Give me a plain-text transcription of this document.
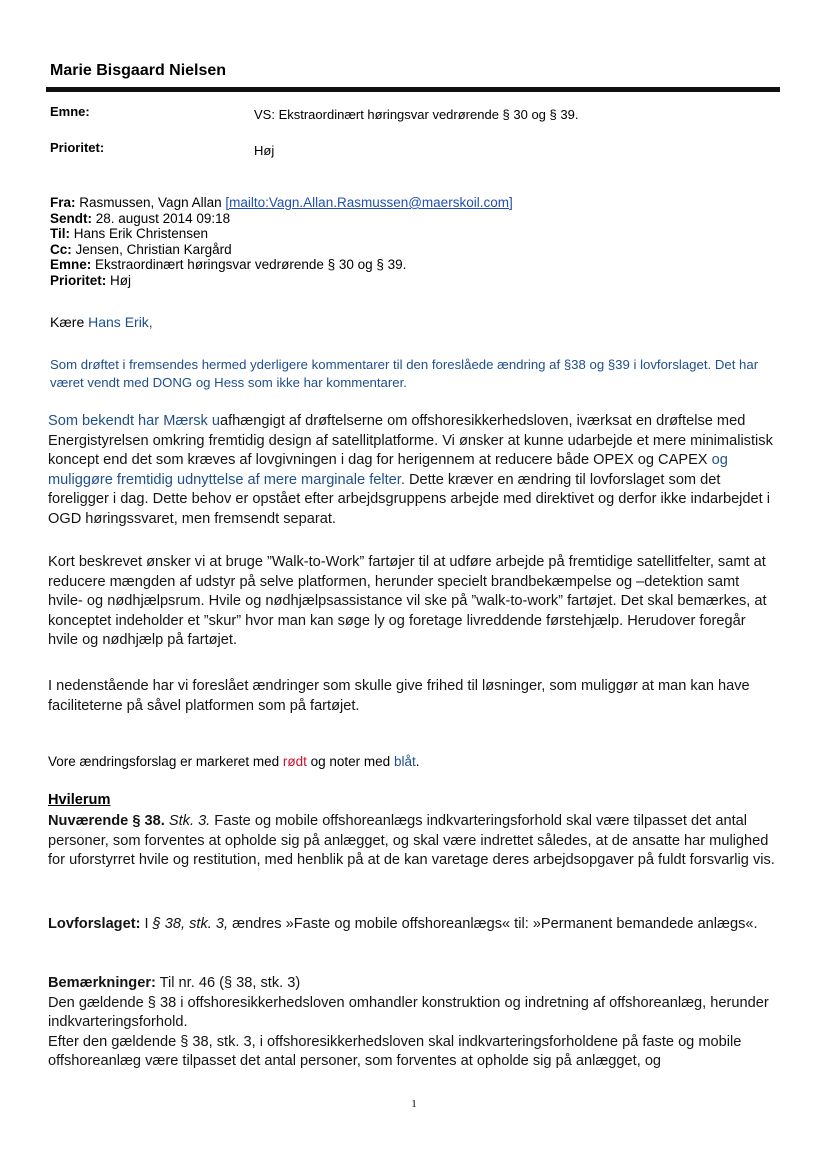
Marie Bisgaard Nielsen
Emne:	VS: Ekstraordinært høringsvar vedrørende § 30 og § 39.
Prioritet:	Høj
Fra: Rasmussen, Vagn Allan [mailto:Vagn.Allan.Rasmussen@maerskoil.com]
Sendt: 28. august 2014 09:18
Til: Hans Erik Christensen
Cc: Jensen, Christian Kargård
Emne: Ekstraordinært høringsvar vedrørende § 30 og § 39.
Prioritet: Høj
Kære Hans Erik,
Som drøftet i fremsendes hermed yderligere kommentarer til den foreslåede ændring af §38 og §39 i lovforslaget. Det har været vendt med DONG og Hess som ikke har kommentarer.
Som bekendt har Mærsk uafhængigt af drøftelserne om offshoresikkerhedsloven, iværksat en drøftelse med Energistyrelsen omkring fremtidig design af satellitplatforme. Vi ønsker at kunne udarbejde et mere minimalistisk koncept end det som kræves af lovgivningen i dag for herigennem at reducere både OPEX og CAPEX og muliggøre fremtidig udnyttelse af mere marginale felter. Dette kræver en ændring til lovforslaget som det foreligger i dag. Dette behov er opstået efter arbejdsgruppens arbejde med direktivet og derfor ikke indarbejdet i OGD høringssvaret, men fremsendt separat.
Kort beskrevet ønsker vi at bruge ”Walk-to-Work” fartøjer til at udføre arbejde på fremtidige satellitfelter, samt at reducere mængden af udstyr på selve platformen, herunder specielt brandbekæmpelse og –detektion samt hvile- og nødhjælpsrum. Hvile og nødhjælpsassistance vil ske på ”walk-to-work” fartøjet. Det skal bemærkes, at konceptet indeholder et ”skur” hvor man kan søge ly og foretage livreddende førstehjælp. Herudover foregår hvile og nødhjælp på fartøjet.
I nedenstående har vi foreslået ændringer som skulle give frihed til løsninger, som muliggør at man kan have faciliteterne på såvel platformen som på fartøjet.
Vore ændringsforslag er markeret med rødt og noter med blåt.
Hvilerum
Nuværende § 38. Stk. 3. Faste og mobile offshoreanlægs indkvarteringsforhold skal være tilpasset det antal personer, som forventes at opholde sig på anlægget, og skal være indrettet således, at de ansatte har mulighed for uforstyrret hvile og restitution, med henblik på at de kan varetage deres arbejdsopgaver på fuldt forsvarlig vis.
Lovforslaget: I § 38, stk. 3, ændres »Faste og mobile offshoreanlægs« til: »Permanent bemandede anlægs«.
Bemærkninger: Til nr. 46 (§ 38, stk. 3)
Den gældende § 38 i offshoresikkerhedsloven omhandler konstruktion og indretning af offshoreanlæg, herunder indkvarteringsforhold.
Efter den gældende § 38, stk. 3, i offshoresikkerhedsloven skal indkvarteringsforholdene på faste og mobile offshoreanlæg være tilpasset det antal personer, som forventes at opholde sig på anlægget, og
1
